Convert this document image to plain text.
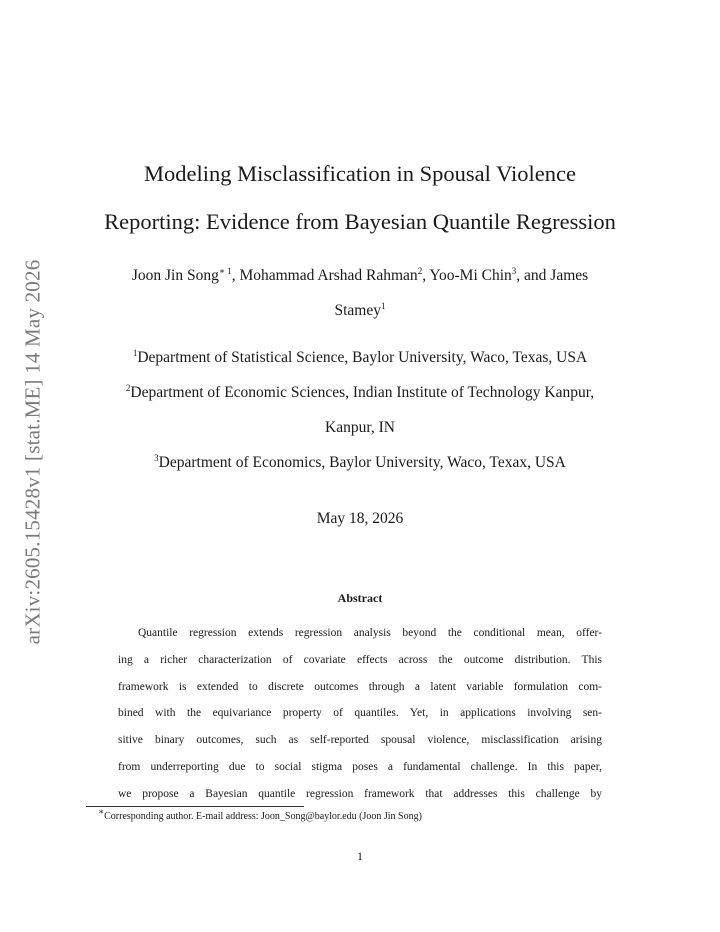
arXiv:2605.15428v1 [stat.ME] 14 May 2026
Modeling Misclassification in Spousal Violence
Reporting: Evidence from Bayesian Quantile Regression
Joon Jin Song$^{∗ 1}$, Mohammad Arshad Rahman$^2$, Yoo-Mi Chin$^3$, and James
Stamey$^1$
$^1$Department of Statistical Science, Baylor University, Waco, Texas, USA
$^2$Department of Economic Sciences, Indian Institute of Technology Kanpur,
Kanpur, IN
$^3$Department of Economics, Baylor University, Waco, Texax, USA
May 18, 2026
Abstract
Quantile regression extends regression analysis beyond the conditional mean, offer-
ing a richer characterization of covariate effects across the outcome distribution. This
framework is extended to discrete outcomes through a latent variable formulation com-
bined with the equivariance property of quantiles. Yet, in applications involving sen-
sitive binary outcomes, such as self-reported spousal violence, misclassification arising
from underreporting due to social stigma poses a fundamental challenge. In this paper,
we propose a Bayesian quantile regression framework that addresses this challenge by
∗Corresponding author. E-mail address: Joon_Song@baylor.edu (Joon Jin Song)
1
